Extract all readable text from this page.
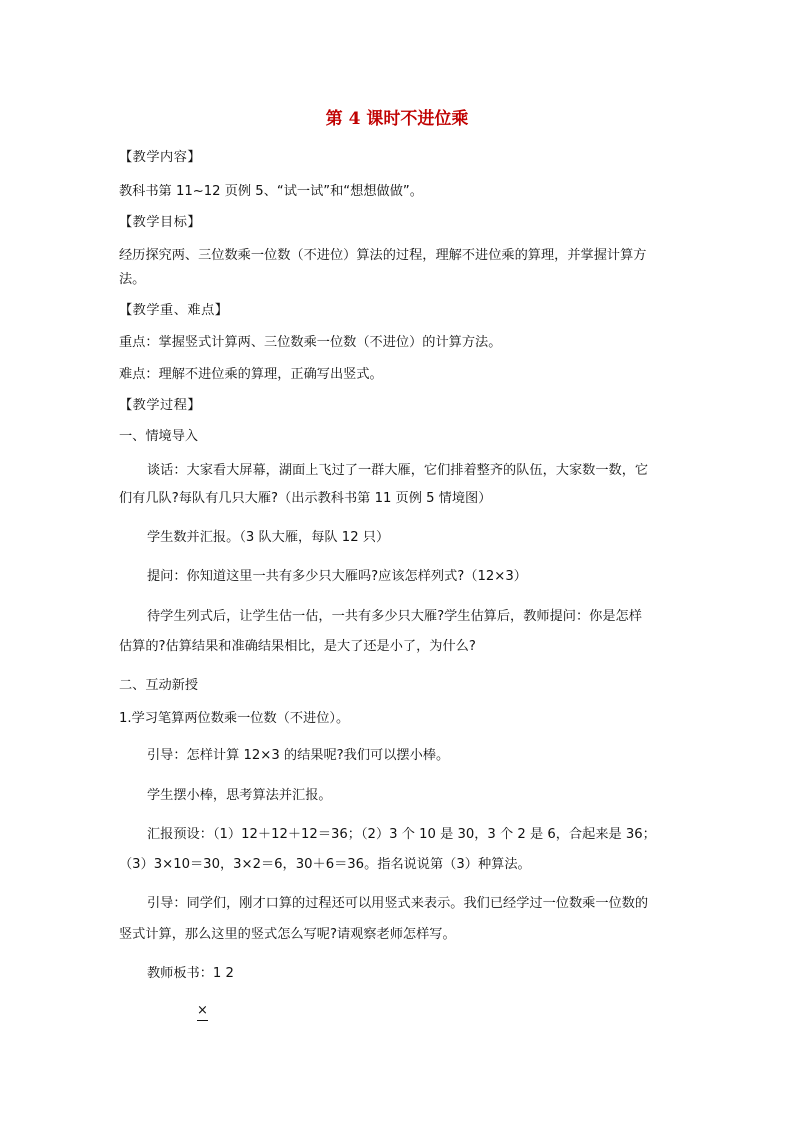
第 4 课时不进位乘
【教学内容】
教科书第 11~12 页例 5、“试一试”和“想想做做”。
【教学目标】
经历探究两、三位数乘一位数（不进位）算法的过程，理解不进位乘的算理，并掌握计算方
法。
【教学重、难点】
重点：掌握竖式计算两、三位数乘一位数（不进位）的计算方法。
难点：理解不进位乘的算理，正确写出竖式。
【教学过程】
一、情境导入
谈话：大家看大屏幕，湖面上飞过了一群大雁，它们排着整齐的队伍，大家数一数，它
们有几队?每队有几只大雁?（出示教科书第 11 页例 5 情境图）
学生数并汇报。（3 队大雁，每队 12 只）
提问：你知道这里一共有多少只大雁吗?应该怎样列式?（12×3）
待学生列式后，让学生估一估，一共有多少只大雁?学生估算后，教师提问：你是怎样
估算的?估算结果和准确结果相比，是大了还是小了，为什么?
二、互动新授
1.学习笔算两位数乘一位数（不进位）。
引导：怎样计算 12×3 的结果呢?我们可以摆小棒。
学生摆小棒，思考算法并汇报。
汇报预设：（1）12＋12＋12＝36；（2）3 个 10 是 30，3 个 2 是 6，合起来是 36；
（3）3×10＝30，3×2＝6，30＋6＝36。指名说说第（3）种算法。
引导：同学们，刚才口算的过程还可以用竖式来表示。我们已经学过一位数乘一位数的
竖式计算，那么这里的竖式怎么写呢?请观察老师怎样写。
教师板书：1 2
×
